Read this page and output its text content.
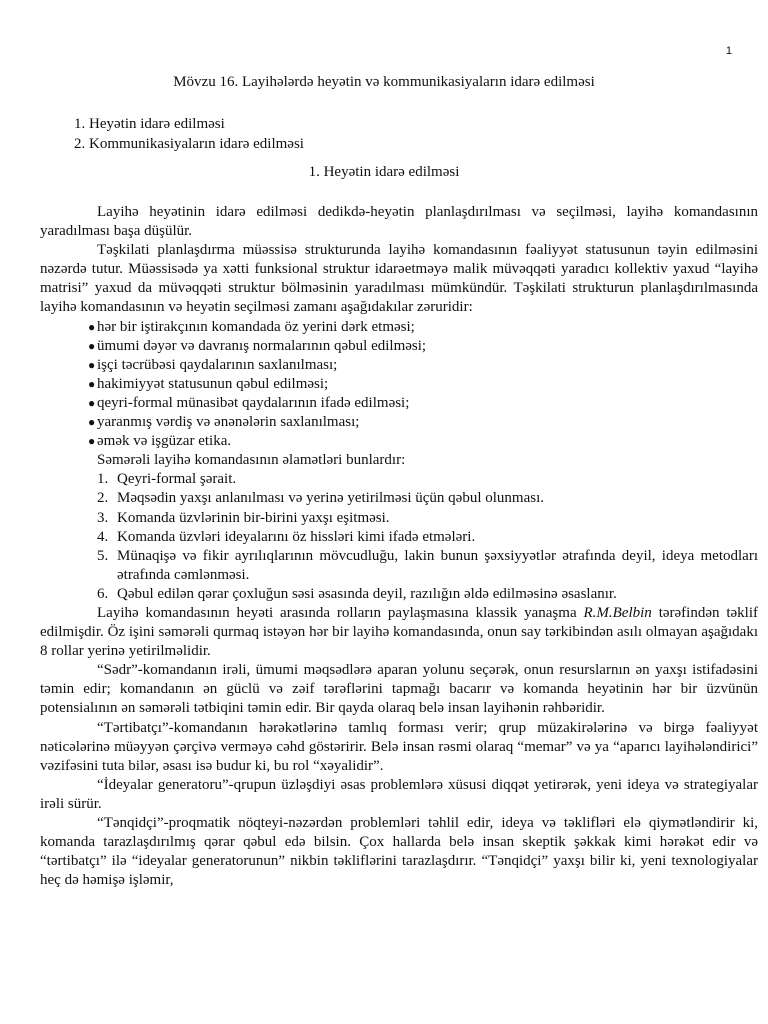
1
Mövzu 16. Layihələrdə heyətin və kommunikasiyaların idarə edilməsi
1. Heyətin idarə edilməsi
2. Kommunikasiyaların idarə edilməsi
1. Heyətin idarə edilməsi

Layihə heyətinin idarə edilməsi dedikdə-heyətin planlaşdırılması və seçilməsi, layihə komandasının yaradılması başa düşülür.

Təşkilati planlaşdırma müəssisə strukturunda layihə komandasının fəaliyyət statusunun təyin edilməsini nəzərdə tutur. Müəssisədə ya xətti funksional struktur idarəetməyə malik müvəqqəti yaradıcı kollektiv yaxud “layihə matrisi” yaxud da müvəqqəti struktur bölməsinin yaradılması mümkündür. Təşkilati strukturun planlaşdırılmasında layihə komandasının və heyətin seçilməsi zamanı aşağıdakılar zəruridir:

● hər bir iştirakçının komandada öz yerini dərk etməsi;
● ümumi dəyər və davranış normalarının qəbul edilməsi;
● işçi təcrübəsi qaydalarının saxlanılması;
● hakimiyyət statusunun qəbul edilməsi;
● qeyri-formal münasibət qaydalarının ifadə edilməsi;
● yaranmış vərdiş və ənənələrin saxlanılması;
● əmək və işgüzar etika.

Səmərəli layihə komandasının əlamətləri bunlardır:

1. Qeyri-formal şərait.
2. Məqsədin yaxşı anlanılması və yerinə yetirilməsi üçün qəbul olunması.
3. Komanda üzvlərinin bir-birini yaxşı eşitməsi.
4. Komanda üzvləri ideyalarını öz hissləri kimi ifadə etmələri.
5. Münaqişə və fikir ayrılıqlarının mövcudluğu, lakin bunun şəxsiyyətlər ətrafında deyil, ideya metodları ətrafında cəmlənməsi.
6. Qəbul edilən qərar çoxluğun səsi əsasında deyil, razılığın əldə edilməsinə əsaslanır.

Layihə komandasının heyəti arasında rolların paylaşmasına klassik yanaşma R.M.Belbin tərəfindən təklif edilmişdir. Öz işini səmərəli qurmaq istəyən hər bir layihə komandasında, onun say tərkibindən asılı olmayan aşağıdakı 8 rollar yerinə yetirilməlidir.

“Sədr”-komandanın irəli, ümumi məqsədlərə aparan yolunu seçərək, onun resurslarnın ən yaxşı istifadəsini təmin edir; komandanın ən güclü və zəif tərəflərini tapmağı bacarır və komanda heyətinin hər bir üzvünün potensialının ən səmərəli tətbiqini təmin edir. Bir qayda olaraq belə insan layihənin rəhbəridir.

“Tərtibatçı”-komandanın hərəkətlərinə tamlıq forması verir; qrup müzakirələrinə və birgə fəaliyyət nəticələrinə müəyyən çərçivə verməyə cəhd göstəririr. Belə insan rəsmi olaraq “memar” və ya “aparıcı layihələndirici” vəzifəsini tuta bilər, əsası isə budur ki, bu rol “xəyalidir”.

“İdeyalar generatoru”-qrupun üzləşdiyi əsas problemlərə xüsusi diqqət yetirərək, yeni ideya və strategiyalar irəli sürür.

“Tənqidçi”-proqmatik nöqteyi-nəzərdən problemləri təhlil edir, ideya və təklifləri elə qiymətləndirir ki, komanda tarazlaşdırılmış qərar qəbul edə bilsin. Çox hallarda belə insan skeptik şəkkak kimi hərəkət edir və “tərtibatçı” ilə “ideyalar generatorunun” nikbin təkliflərini tarazlaşdırır. “Tənqidçi” yaxşı bilir ki, yeni texnologiyalar heç də həmişə işləmir,
